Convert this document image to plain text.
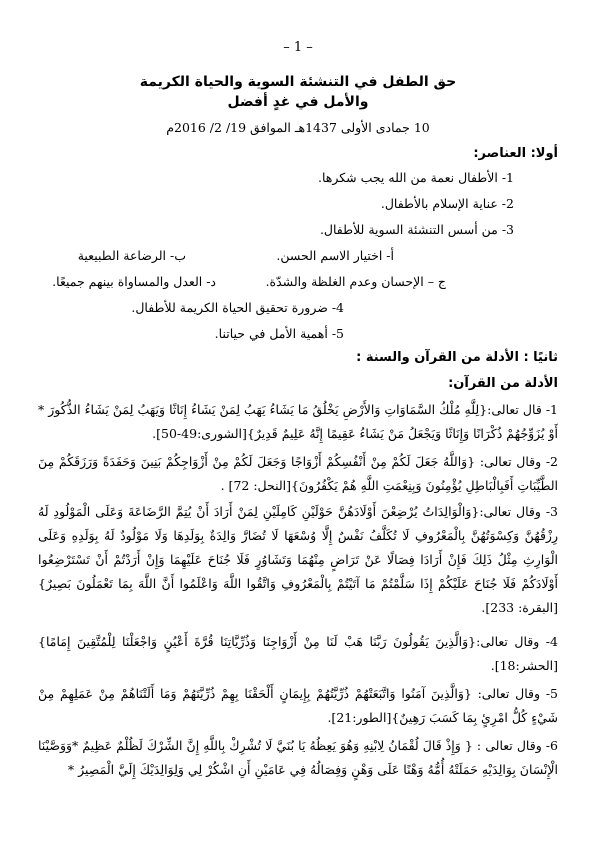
– 1 –
حق الطفل في التنشئة السوية والحياة الكريمة
والأمل في غدٍ أفضل
10 جمادى الأولى 1437هـ الموافق 19/ 2/ 2016م
أولا: العناصر:
1- الأطفال نعمة من الله يجب شكرها.
2- عناية الإسلام بالأطفال.
3- من أسس التنشئة السوية للأطفال.
أ- اختيار الاسم الحسن.
ب- الرضاعة الطبيعية
ج – الإحسان وعدم الغلظة والشدّة.
د- العدل والمساواة بينهم جميعًا.
4- ضرورة تحقيق الحياة الكريمة للأطفال.
5- أهمية الأمل في حياتنا.
ثانيًا : الأدلة من القرآن والسنة :
الأدلة من القرآن:
1- قال تعالى:{لِلَّهِ مُلْكُ السَّمَاوَاتِ وَالأَرْضِ يَخْلُقُ مَا يَشَاءُ يَهَبُ لِمَنْ يَشَاءُ إِنَاثًا وَيَهَبُ لِمَنْ يَشَاءُ الذُّكُورَ * أَوْ يُزَوِّجُهُمْ ذُكْرَانًا وَإِنَاثًا وَيَجْعَلُ مَنْ يَشَاءُ عَقِيمًا إِنَّهُ عَلِيمٌ قَدِيرٌ}[الشورى:49-50].
2- وقال تعالى: {وَاللَّهُ جَعَلَ لَكُمْ مِنْ أَنْفُسِكُمْ أَزْوَاجًا وَجَعَلَ لَكُمْ مِنْ أَزْوَاجِكُمْ بَنِينَ وَحَفَدَةً وَرَزَقَكُمْ مِنَ الطَّيِّبَاتِ أَفَبِالْبَاطِلِ يُؤْمِنُونَ وَبِنِعْمَتِ اللَّهِ هُمْ يَكْفُرُونَ}[النحل: 72] .
3- وقال تعالى:{وَالْوَالِدَاتُ يُرْضِعْنَ أَوْلَادَهُنَّ حَوْلَيْنِ كَامِلَيْنِ لِمَنْ أَرَادَ أَنْ يُتِمَّ الرَّضَاعَةَ وَعَلَى الْمَوْلُودِ لَهُ رِزْقُهُنَّ وَكِسْوَتُهُنَّ بِالْمَعْرُوفِ لَا تُكَلَّفُ نَفْسٌ إِلَّا وُسْعَهَا لَا تُضَارَّ وَالِدَةٌ بِوَلَدِهَا وَلَا مَوْلُودٌ لَهُ بِوَلَدِهِ وَعَلَى الْوَارِثِ مِثْلُ ذَلِكَ فَإِنْ أَرَادَا فِصَالًا عَنْ تَرَاضٍ مِنْهُمَا وَتَشَاوُرٍ فَلَا جُنَاحَ عَلَيْهِمَا وَإِنْ أَرَدْتُمْ أَنْ تَسْتَرْضِعُوا أَوْلَادَكُمْ فَلَا جُنَاحَ عَلَيْكُمْ إِذَا سَلَّمْتُمْ مَا آتَيْتُمْ بِالْمَعْرُوفِ وَاتَّقُوا اللَّهَ وَاعْلَمُوا أَنَّ اللَّهَ بِمَا تَعْمَلُونَ بَصِيرٌ}[البقرة: 233].
4- وقال تعالى:{وَالَّذِينَ يَقُولُونَ رَبَّنَا هَبْ لَنَا مِنْ أَزْوَاجِنَا وَذُرِّيَّاتِنَا قُرَّةَ أَعْيُنٍ وَاجْعَلْنَا لِلْمُتَّقِينَ إِمَامًا} [الحشر:18].
5- وقال تعالى: {وَالَّذِينَ آمَنُوا وَاتَّبَعَتْهُمْ ذُرِّيَّتُهُمْ بِإِيمَانٍ أَلْحَقْنَا بِهِمْ ذُرِّيَّتَهُمْ وَمَا أَلَتْنَاهُمْ مِنْ عَمَلِهِمْ مِنْ شَيْءٍ كُلُّ امْرِئٍ بِمَا كَسَبَ رَهِينٌ}[الطور:21].
6- وقال تعالى : { وَإِذْ قَالَ لُقْمَانُ لِابْنِهِ وَهُوَ يَعِظُهُ يَا بُنَيَّ لَا تُشْرِكْ بِاللَّهِ إِنَّ الشِّرْكَ لَظُلْمٌ عَظِيمٌ *وَوَصَّيْنَا الْإِنْسَانَ بِوَالِدَيْهِ حَمَلَتْهُ أُمُّهُ وَهْنًا عَلَى وَهْنٍ وَفِصَالُهُ فِي عَامَيْنِ أَنِ اشْكُرْ لِي وَلِوَالِدَيْكَ إِلَيَّ الْمَصِيرُ *
